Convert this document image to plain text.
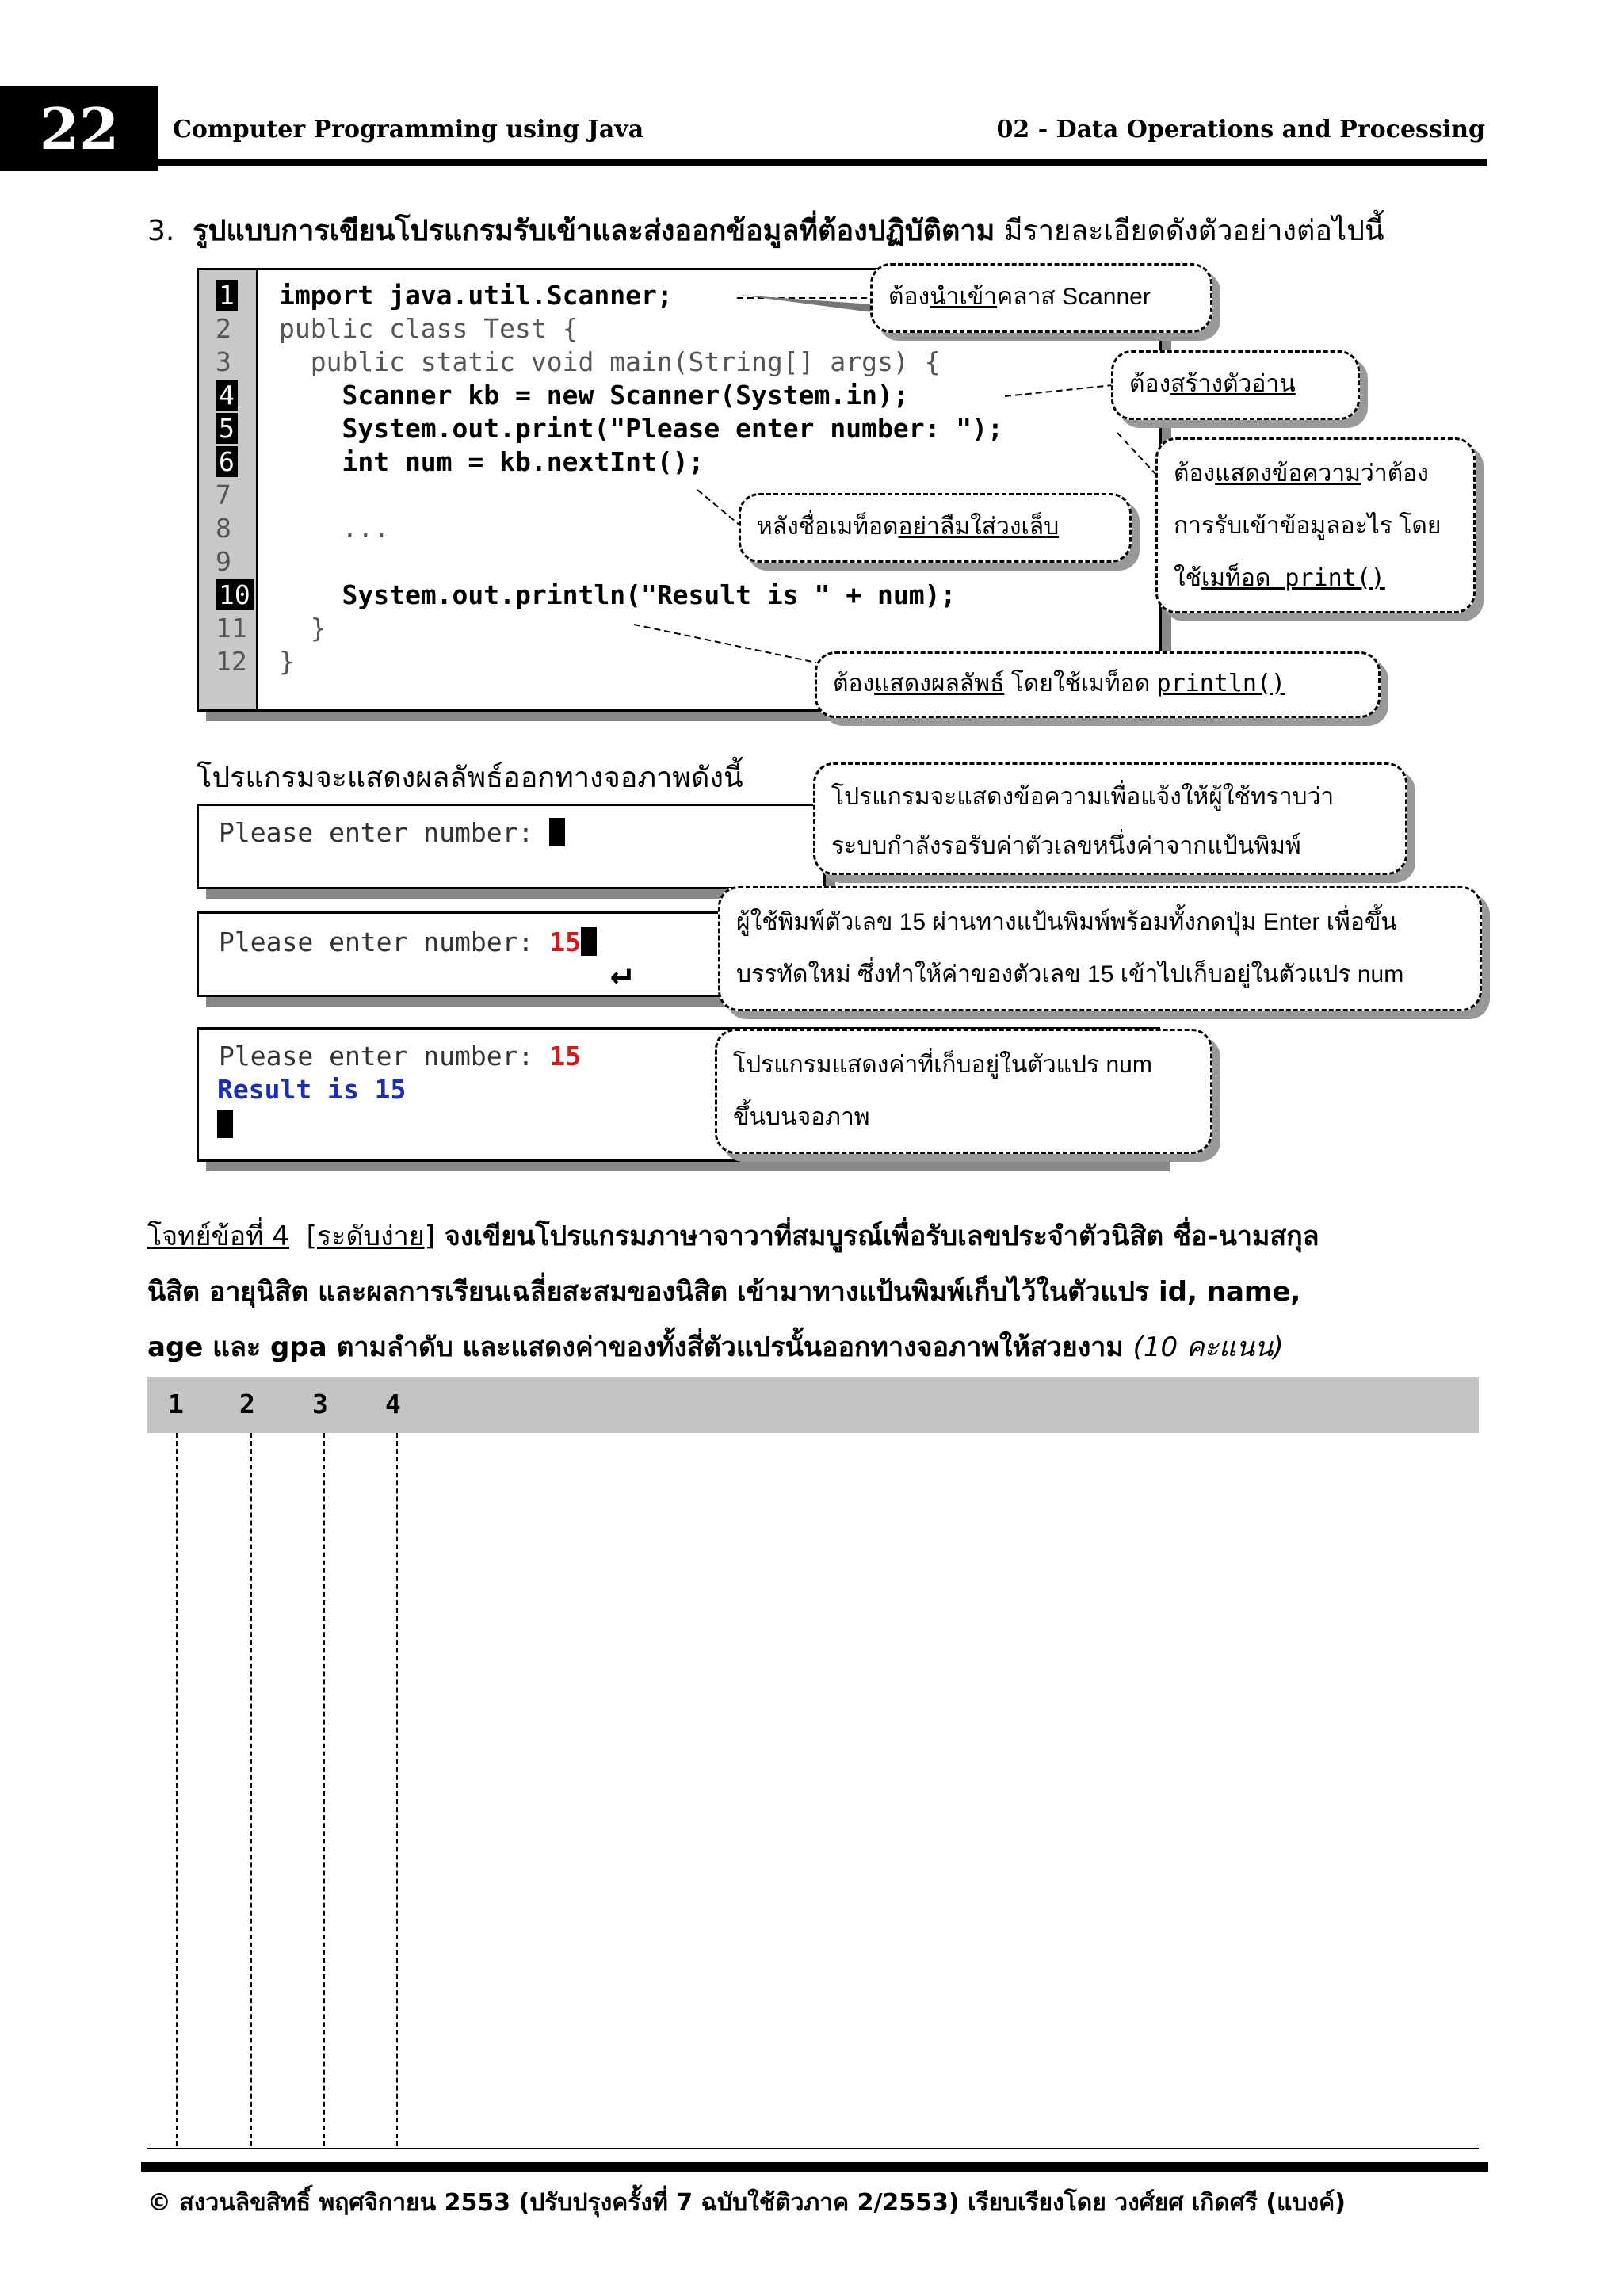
22	Computer Programming using Java	02 - Data Operations and Processing
3. รูปแบบการเขียนโปรแกรมรับเข้าและส่งออกข้อมูลที่ต้องปฏิบัติตาม มีรายละเอียดดังตัวอย่างต่อไปนี้
1
2
3
4
5
6
7
8
9
10
11
12
import java.util.Scanner;
public class Test {
public static void main(String[] args) {
Scanner kb = new Scanner(System.in);
System.out.print("Please enter number: ");
int num = kb.nextInt();
...
System.out.println("Result is " + num);
}
}
ต้องนำเข้าคลาส Scanner
ต้องสร้างตัวอ่าน
ต้องแสดงข้อความว่าต้อง
การรับเข้าข้อมูลอะไร โดย
ใช้เมท็อด print()
หลังชื่อเมท็อดอย่าลืมใส่วงเล็บ
ต้องแสดงผลลัพธ์ โดยใช้เมท็อด println()
โปรแกรมจะแสดงผลลัพธ์ออกทางจอภาพดังนี้
Please enter number:
โปรแกรมจะแสดงข้อความเพื่อแจ้งให้ผู้ใช้ทราบว่า
ระบบกำลังรอรับค่าตัวเลขหนึ่งค่าจากแป้นพิมพ์
Please enter number: 15
↵
ผู้ใช้พิมพ์ตัวเลข 15 ผ่านทางแป้นพิมพ์พร้อมทั้งกดปุ่ม Enter เพื่อขึ้น
บรรทัดใหม่ ซึ่งทำให้ค่าของตัวเลข 15 เข้าไปเก็บอยู่ในตัวแปร num
Please enter number: 15
Result is 15
โปรแกรมแสดงค่าที่เก็บอยู่ในตัวแปร num
ขึ้นบนจอภาพ
โจทย์ข้อที่ 4 [ระดับง่าย] จงเขียนโปรแกรมภาษาจาวาที่สมบูรณ์เพื่อรับเลขประจำตัวนิสิต ชื่อ-นามสกุล
นิสิต อายุนิสิต และผลการเรียนเฉลี่ยสะสมของนิสิต เข้ามาทางแป้นพิมพ์เก็บไว้ในตัวแปร id, name,
age และ gpa ตามลำดับ และแสดงค่าของทั้งสี่ตัวแปรนั้นออกทางจอภาพให้สวยงาม (10 คะแนน)
1 2 3 4
© สงวนลิขสิทธิ์ พฤศจิกายน 2553 (ปรับปรุงครั้งที่ 7 ฉบับใช้ติวภาค 2/2553) เรียบเรียงโดย วงศ์ยศ เกิดศรี (แบงค์)
